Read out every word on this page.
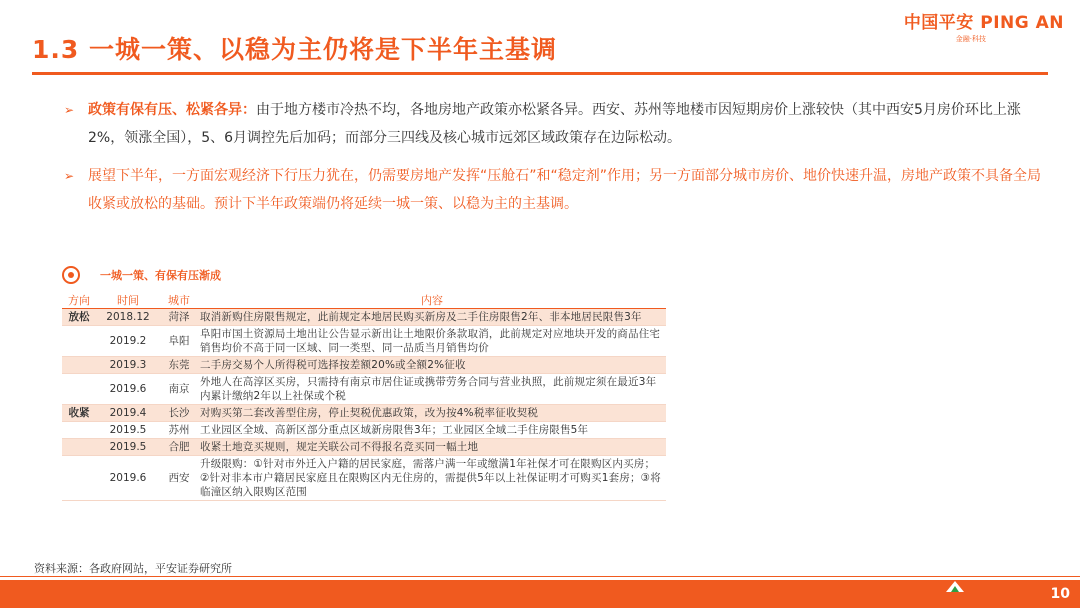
1.3 一城一策、以稳为主仍将是下半年主基调
中国平安 PING AN
金融·科技
➢ 政策有保有压、松紧各异：由于地方楼市冷热不均，各地房地产政策亦松紧各异。西安、苏州等地楼市因短期房价上涨较快（其中西安5月房价环比上涨2%，领涨全国），5、6月调控先后加码；而部分三四线及核心城市远郊区域政策存在边际松动。
➢ 展望下半年，一方面宏观经济下行压力犹在，仍需要房地产发挥“压舱石”和“稳定剂”作用；另一方面部分城市房价、地价快速升温，房地产政策不具备全局收紧或放松的基础。预计下半年政策端仍将延续一城一策、以稳为主的主基调。
一城一策、有保有压渐成
方向	时间	城市	内容
放松	2018.12	菏泽	取消新购住房限售规定，此前规定本地居民购买新房及二手住房限售2年、非本地居民限售3年
	2019.2	阜阳	阜阳市国土资源局土地出让公告显示新出让土地限价条款取消，此前规定对应地块开发的商品住宅销售均价不高于同一区域、同一类型、同一品质当月销售均价
	2019.3	东莞	二手房交易个人所得税可选择按差额20%或全额2%征收
	2019.6	南京	外地人在高淳区买房，只需持有南京市居住证或携带劳务合同与营业执照，此前规定须在最近3年内累计缴纳2年以上社保或个税
收紧	2019.4	长沙	对购买第二套改善型住房，停止契税优惠政策，改为按4%税率征收契税
	2019.5	苏州	工业园区全域、高新区部分重点区域新房限售3年；工业园区全域二手住房限售5年
	2019.5	合肥	收紧土地竞买规则，规定关联公司不得报名竞买同一幅土地
	2019.6	西安	升级限购：①针对市外迁入户籍的居民家庭，需落户满一年或缴满1年社保才可在限购区内买房；②针对非本市户籍居民家庭且在限购区内无住房的，需提供5年以上社保证明才可购买1套房；③将临潼区纳入限购区范围
资料来源：各政府网站，平安证券研究所
10
